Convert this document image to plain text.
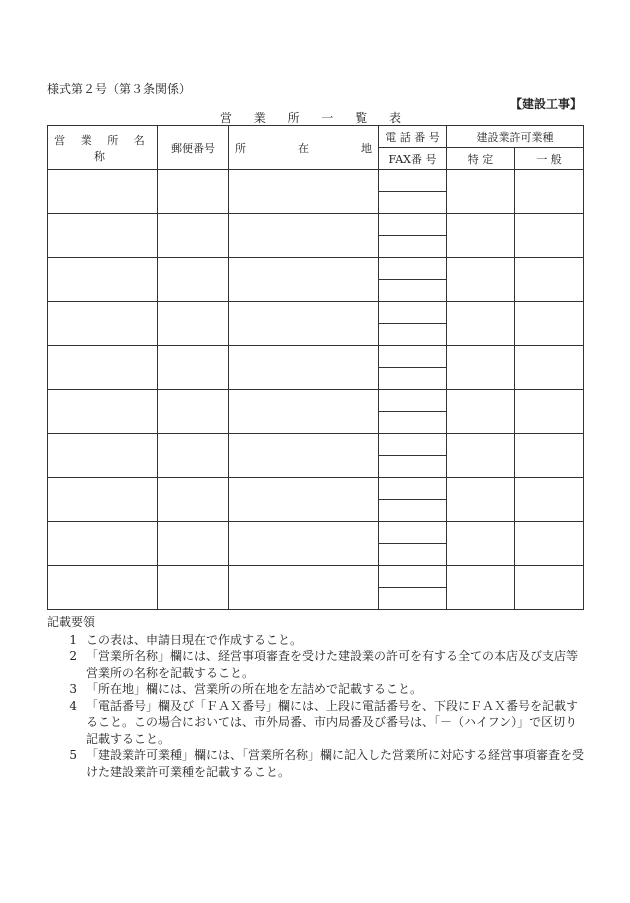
様式第２号（第３条関係）
【建設工事】
営 業 所 一 覧 表
営 業 所 名 称	郵便番号	所 在 地	電 話 番 号	建設業許可業種	
			FAX番 号	特 定	一 般

記載要領
1 この表は、申請日現在で作成すること。
2 「営業所名称」欄には、経営事項審査を受けた建設業の許可を有する全ての本店及び支店等営業所の名称を記載すること。
3 「所在地」欄には、営業所の所在地を左詰めで記載すること。
4 「電話番号」欄及び「ＦＡＸ番号」欄には、上段に電話番号を、下段にＦＡＸ番号を記載すること。この場合においては、市外局番、市内局番及び番号は、「－（ハイフン）」で区切り記載すること。
5 「建設業許可業種」欄には、「営業所名称」欄に記入した営業所に対応する経営事項審査を受けた建設業許可業種を記載すること。
